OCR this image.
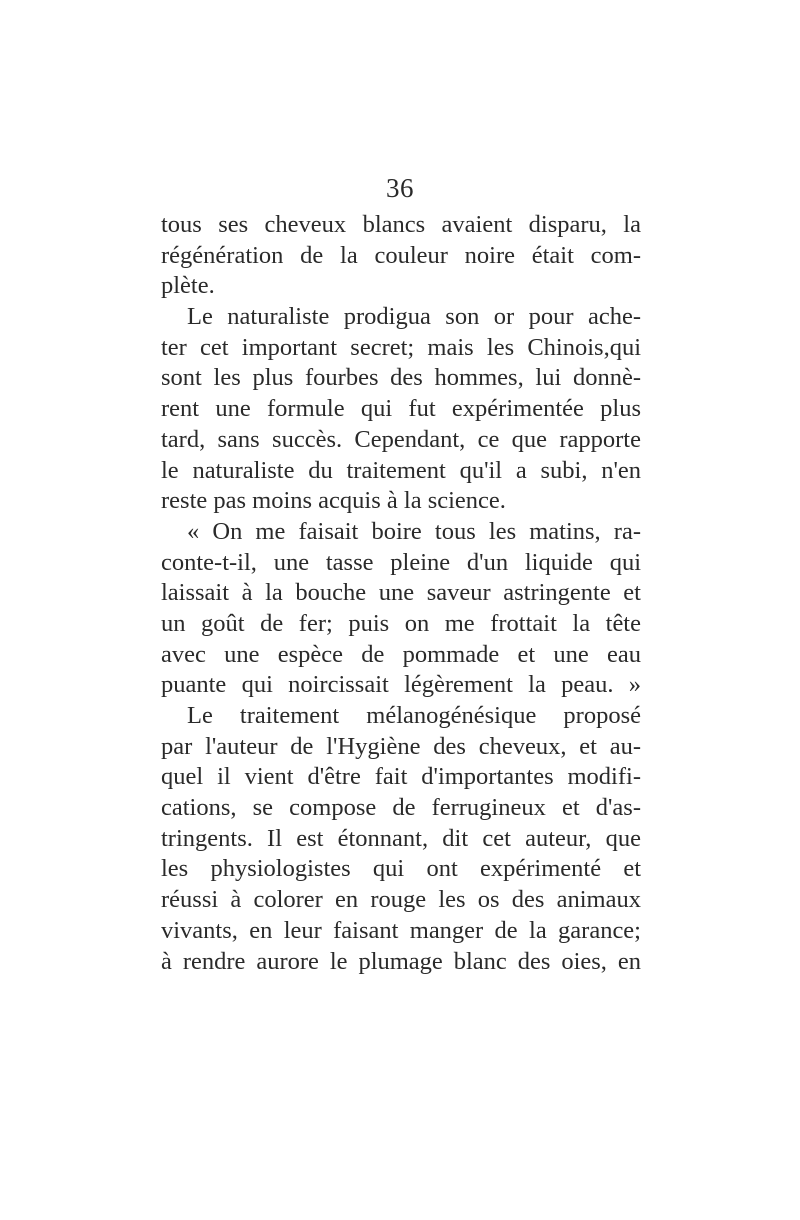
36
tous ses cheveux blancs avaient disparu, la
régénération de la couleur noire était com-
plète.
Le naturaliste prodigua son or pour ache-
ter cet important secret; mais les Chinois,qui
sont les plus fourbes des hommes, lui donnè-
rent une formule qui fut expérimentée plus
tard, sans succès. Cependant, ce que rapporte
le naturaliste du traitement qu'il a subi, n'en
reste pas moins acquis à la science.
« On me faisait boire tous les matins, ra-
conte-t-il, une tasse pleine d'un liquide qui
laissait à la bouche une saveur astringente et
un goût de fer; puis on me frottait la tête
avec une espèce de pommade et une eau
puante qui noircissait légèrement la peau. »
Le traitement mélanogénésique proposé
par l'auteur de l'Hygiène des cheveux, et au-
quel il vient d'être fait d'importantes modifi-
cations, se compose de ferrugineux et d'as-
tringents. Il est étonnant, dit cet auteur, que
les physiologistes qui ont expérimenté et
réussi à colorer en rouge les os des animaux
vivants, en leur faisant manger de la garance;
à rendre aurore le plumage blanc des oies, en
